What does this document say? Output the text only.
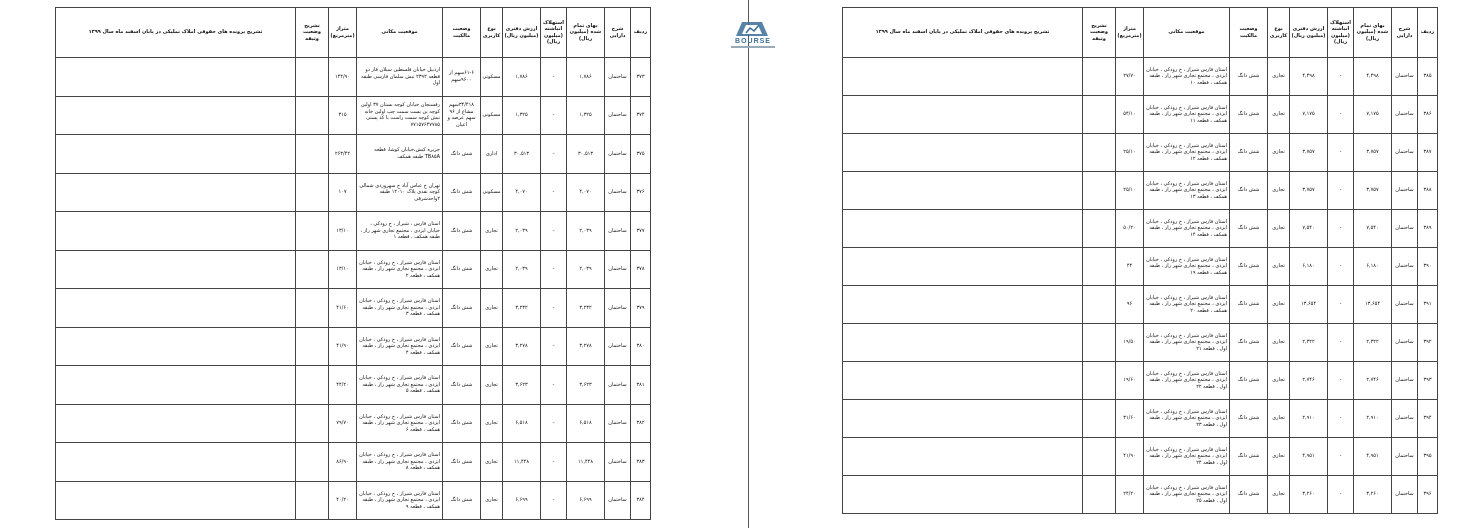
ردیف	شرح دارایی	بهای تمام شده (میلیون ریال)	استهلاک انباشته (میلیون ریال)	ارزش دفتری (میلیون ریال)	نوع کاربری	وضعیت مالکیت	موقعیت مکانی	متراژ (مترمربع)	تشریح وضعیت وثیقه	تشریح پرونده های حقوقی املاک تملیکی در پایان اسفند ماه سال ۱۳۹۹
۳۷۳	ساختمان	۱,۷۸۶	-	۱,۷۸۶	مسکونی	۶۱-۶سهم از ۹۶۰۰سهم	اردبیل خیابان فلسطین سبلان فاز دو قطعه ۲۳۹۲ نبش سلمان فارسی طبقه اول	۱۴۴/۹۰		
۳۷۴	ساختمان	۱,۳۲۵	-	۱,۳۲۵	مسکونی	۳۴/۴۱۸سهم مشاع از ۹۶ سهم عرصه و اعیان	رفسنجان خیابان کوچه بستان ۳۷ اولین کوچه بن بست سمت چپ اولین خانه نبش کوچه سمت راست با کد پستی ۷۷۱۵۷۶۴۷۷۸۵	۳۱۵		
۳۷۵	ساختمان	۳۰,۵۱۳	-	۳۰,۵۱۳	اداری	شش دانگ	جزیره کیش،خیابان کوشا، قطعه TB۸۵A طبقه همکف	۲۶۳/۴۲		
۳۷۶	ساختمان	۴,۰۷۰	-	۴,۰۷۰	مسکونی	شش دانگ	تهران خ عباس آباد خ سهروردی شمالی کوچه نقدی پلاک ۱۲۰۱۰ طبقه ۲واحدشرقی	۱۰۷		
۳۷۷	ساختمان	۲,۰۳۹	-	۲,۰۳۹	تجاری	شش دانگ	استان فارس ، شیراز ، خ رودکی ، خیابان ایزدی ، مجتمع تجاری شهر راز ، طبقه همکف ، قطعه ۱	۱۳/۱۰		
۳۷۸	ساختمان	۲,۰۳۹	-	۲,۰۳۹	تجاری	شش دانگ	استان فارس شیراز ، خ رودکی ، خیابان ایزدی ، مجتمع تجاری شهر راز ، طبقه همکف ، قطعه ۲	۱۳/۱۰		
۳۷۹	ساختمان	۳,۲۳۲	-	۳,۲۳۲	تجاری	شش دانگ	استان فارس شیراز ، خ رودکی ، خیابان ایزدی ، مجتمع تجاری شهر راز ، طبقه همکف ، قطعه ۳	۴۱/۶۰		
۳۸۰	ساختمان	۳,۲۷۸	-	۳,۲۷۸	تجاری	شش دانگ	استان فارس شیراز ، خ رودکی ، خیابان ایزدی ، مجتمع تجاری شهر راز ، طبقه همکف ، قطعه ۴	۴۱/۹۰		
۳۸۱	ساختمان	۳,۶۲۳	-	۳,۶۲۳	تجاری	شش دانگ	استان فارس شیراز ، خ رودکی ، خیابان ایزدی ، مجتمع تجاری شهر راز ، طبقه همکف ، قطعه ۵	۴۴/۲۰		
۳۸۲	ساختمان	۶,۵۱۸	-	۶,۵۱۸	تجاری	شش دانگ	استان فارس شیراز ، خ رودکی ، خیابان ایزدی ، مجتمع تجاری شهر راز ، طبقه همکف ، قطعه ۶	۷۹/۷۰		
۳۸۳	ساختمان	۱۱,۴۴۸	-	۱۱,۴۴۸	تجاری	شش دانگ	استان فارس شیراز ، خ رودکی ، خیابان ایزدی ، مجتمع تجاری شهر راز ، طبقه همکف ، قطعه ۸	۸۶/۹۰		
۳۸۴	ساختمان	۶,۶۹۹	-	۶,۶۹۹	تجاری	شش دانگ	استان فارس شیراز ، خ رودکی ، خیابان ایزدی ، مجتمع تجاری شهر راز ، طبقه همکف ، قطعه ۹	۴۰/۲۰		
BOURSE
ردیف	شرح دارایی	بهای تمام شده (میلیون ریال)	استهلاک انباشته (میلیون ریال)	ارزش دفتری (میلیون ریال)	نوع کاربری	وضعیت مالکیت	موقعیت مکانی	متراژ (مترمربع)	تشریح وضعیت وثیقه	تشریح پرونده های حقوقی املاک تملیکی در پایان اسفند ماه سال ۱۳۹۹
۳۸۵	ساختمان	۴,۴۹۸	-	۴,۴۹۸	تجاری	شش دانگ	استان فارس شیراز ، خ رودکی ، خیابان ایزدی ، مجتمع تجاری شهر راز ، طبقه همکف ، قطعه ۱۰	۲۷/۷۰		
۳۸۶	ساختمان	۷,۱۷۵	-	۷,۱۷۵	تجاری	شش دانگ	استان فارس شیراز ، خ رودکی ، خیابان ایزدی ، مجتمع تجاری شهر راز ، طبقه همکف ، قطعه ۱۱	۵۴/۱۰		
۳۸۷	ساختمان	۳,۷۵۷	-	۳,۷۵۷	تجاری	شش دانگ	استان فارس شیراز ، خ رودکی ، خیابان ایزدی ، مجتمع تجاری شهر راز ، طبقه همکف ، قطعه ۱۲	۲۵/۱۰		
۳۸۸	ساختمان	۳,۷۵۷	-	۳,۷۵۷	تجاری	شش دانگ	استان فارس شیراز ، خ رودکی ، خیابان ایزدی ، مجتمع تجاری شهر راز ، طبقه همکف ، قطعه ۱۳	۲۵/۱۰		
۳۸۹	ساختمان	۷,۵۴۰	-	۷,۵۴۰	تجاری	شش دانگ	استان فارس شیراز ، خ رودکی ، خیابان ایزدی ، مجتمع تجاری شهر راز ، طبقه همکف ، قطعه ۱۴	۵۰/۲۰		
۳۹۰	ساختمان	۶,۱۸۰	-	۶,۱۸۰	تجاری	شش دانگ	استان فارس شیراز ، خ رودکی ، خیابان ایزدی ، مجتمع تجاری شهر راز ، طبقه همکف ، قطعه ۱۹	۴۴		
۳۹۱	ساختمان	۱۳,۶۵۴	-	۱۳,۶۵۴	تجاری	شش دانگ	استان فارس شیراز ، خ رودکی ، خیابان ایزدی ، مجتمع تجاری شهر راز ، طبقه همکف ، قطعه ۲۰	۹۶		
۳۹۲	ساختمان	۲,۳۲۲	-	۲,۳۲۲	تجاری	شش دانگ	استان فارس شیراز ، خ رودکی ، خیابان ایزدی ، مجتمع تجاری شهر راز ، طبقه اول ، قطعه ۲۱	۱۹/۵۰		
۳۹۳	ساختمان	۲,۷۴۶	-	۲,۷۴۶	تجاری	شش دانگ	استان فارس شیراز ، خ رودکی ، خیابان ایزدی ، مجتمع تجاری شهر راز ، طبقه اول ، قطعه ۲۲	۱۹/۶۰		
۳۹۴	ساختمان	۲,۹۱۰	-	۲,۹۱۰	تجاری	شش دانگ	استان فارس شیراز ، خ رودکی ، خیابان ایزدی ، مجتمع تجاری شهر راز ، طبقه اول ، قطعه ۲۳	۳۱/۶۰		
۳۹۵	ساختمان	۴,۹۵۱	-	۴,۹۵۱	تجاری	شش دانگ	استان فارس شیراز ، خ رودکی ، خیابان ایزدی ، مجتمع تجاری شهر راز ، طبقه اول ، قطعه ۲۴	۴۱/۹۰		
۳۹۶	ساختمان	۳,۲۶۰	-	۳,۲۶۰	تجاری	شش دانگ	استان فارس شیراز ، خ رودکی ، خیابان ایزدی ، مجتمع تجاری شهر راز ، طبقه اول ، قطعه ۲۵	۲۴/۲۰		
